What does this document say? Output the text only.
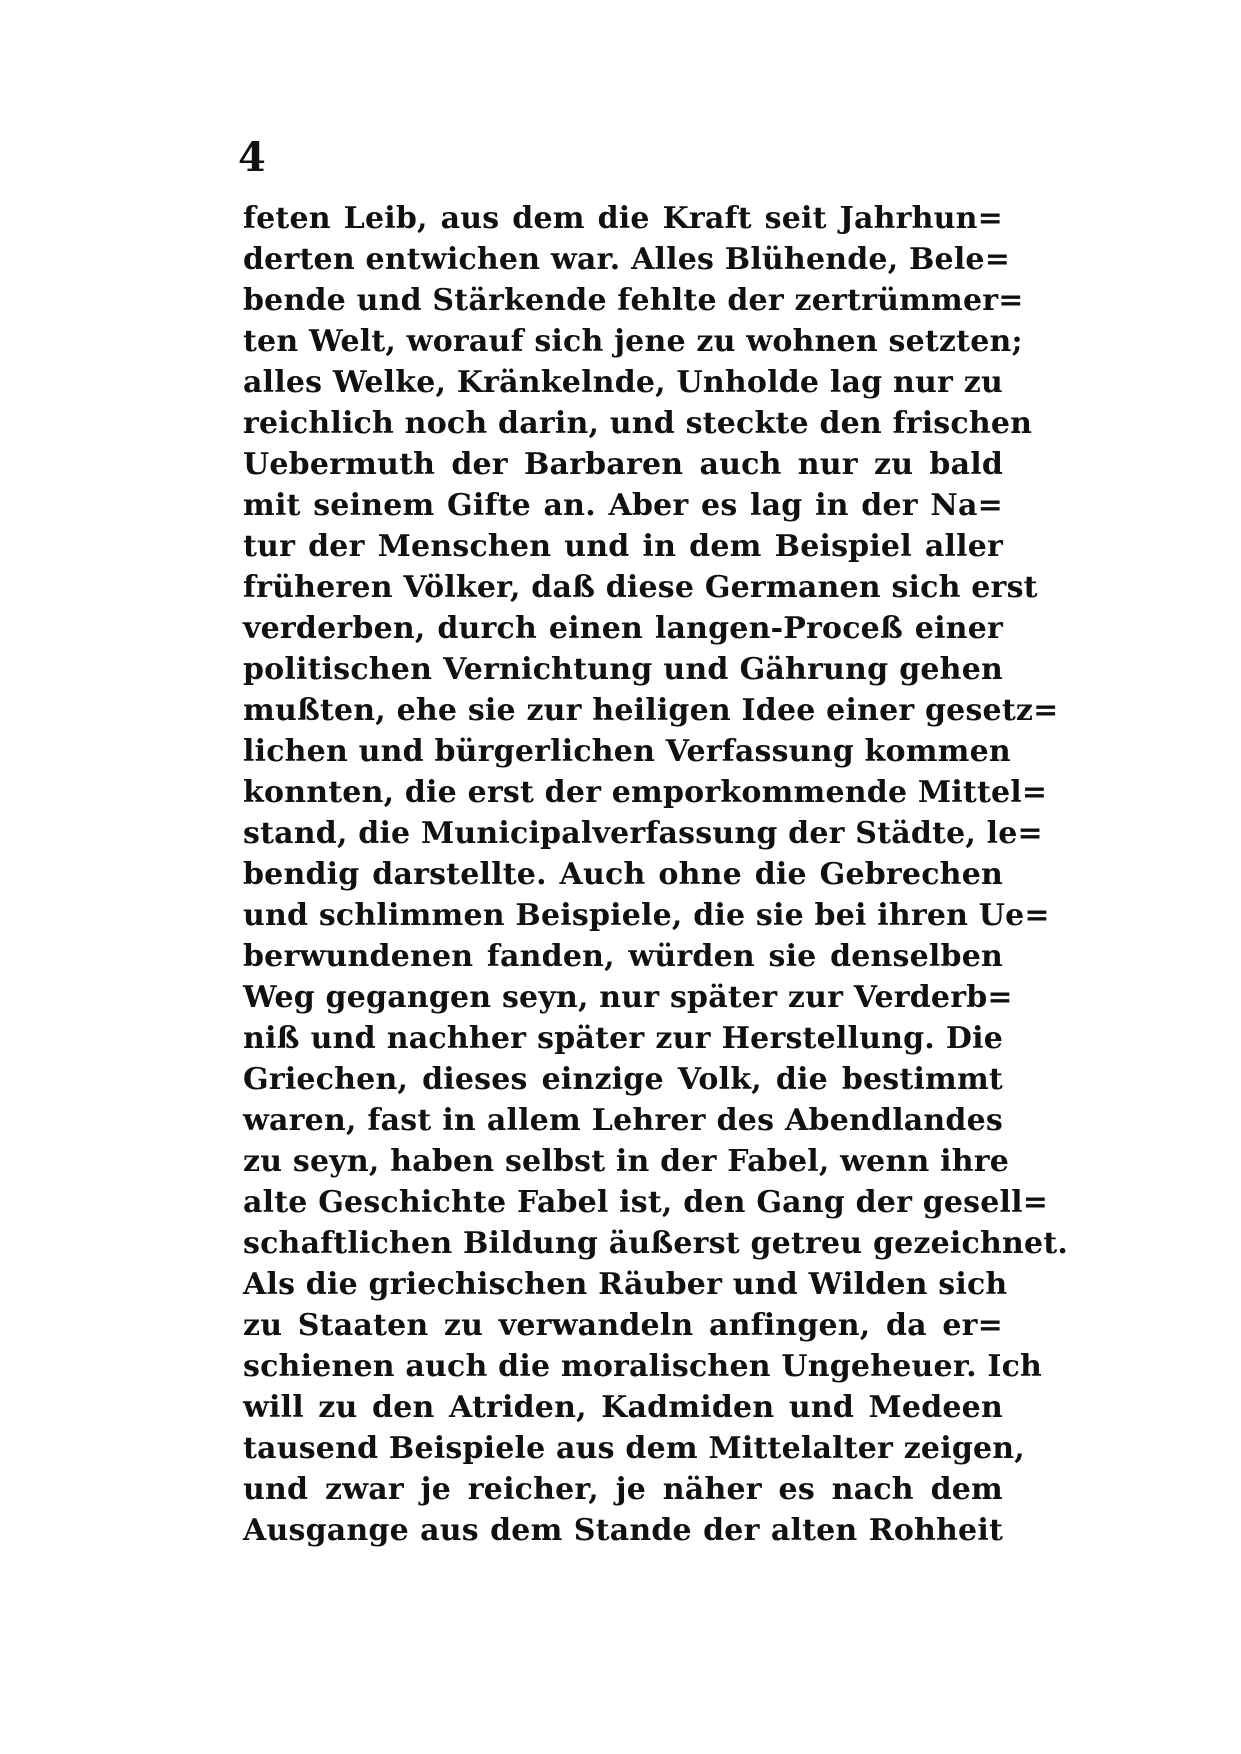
4
feten Leib, aus dem die Kraft seit Jahrhun=
derten entwichen war. Alles Blühende, Bele=
bende und Stärkende fehlte der zertrümmer=
ten Welt, worauf sich jene zu wohnen setzten;
alles Welke, Kränkelnde, Unholde lag nur zu
reichlich noch darin, und steckte den frischen
Uebermuth der Barbaren auch nur zu bald
mit seinem Gifte an. Aber es lag in der Na=
tur der Menschen und in dem Beispiel aller
früheren Völker, daß diese Germanen sich erst
verderben, durch einen langen-Proceß einer
politischen Vernichtung und Gährung gehen
mußten, ehe sie zur heiligen Idee einer gesetz=
lichen und bürgerlichen Verfassung kommen
konnten, die erst der emporkommende Mittel=
stand, die Municipalverfassung der Städte, le=
bendig darstellte. Auch ohne die Gebrechen
und schlimmen Beispiele, die sie bei ihren Ue=
berwundenen fanden, würden sie denselben
Weg gegangen seyn, nur später zur Verderb=
niß und nachher später zur Herstellung. Die
Griechen, dieses einzige Volk, die bestimmt
waren, fast in allem Lehrer des Abendlandes
zu seyn, haben selbst in der Fabel, wenn ihre
alte Geschichte Fabel ist, den Gang der gesell=
schaftlichen Bildung äußerst getreu gezeichnet.
Als die griechischen Räuber und Wilden sich
zu Staaten zu verwandeln anfingen, da er=
schienen auch die moralischen Ungeheuer. Ich
will zu den Atriden, Kadmiden und Medeen
tausend Beispiele aus dem Mittelalter zeigen,
und zwar je reicher, je näher es nach dem
Ausgange aus dem Stande der alten Rohheit
